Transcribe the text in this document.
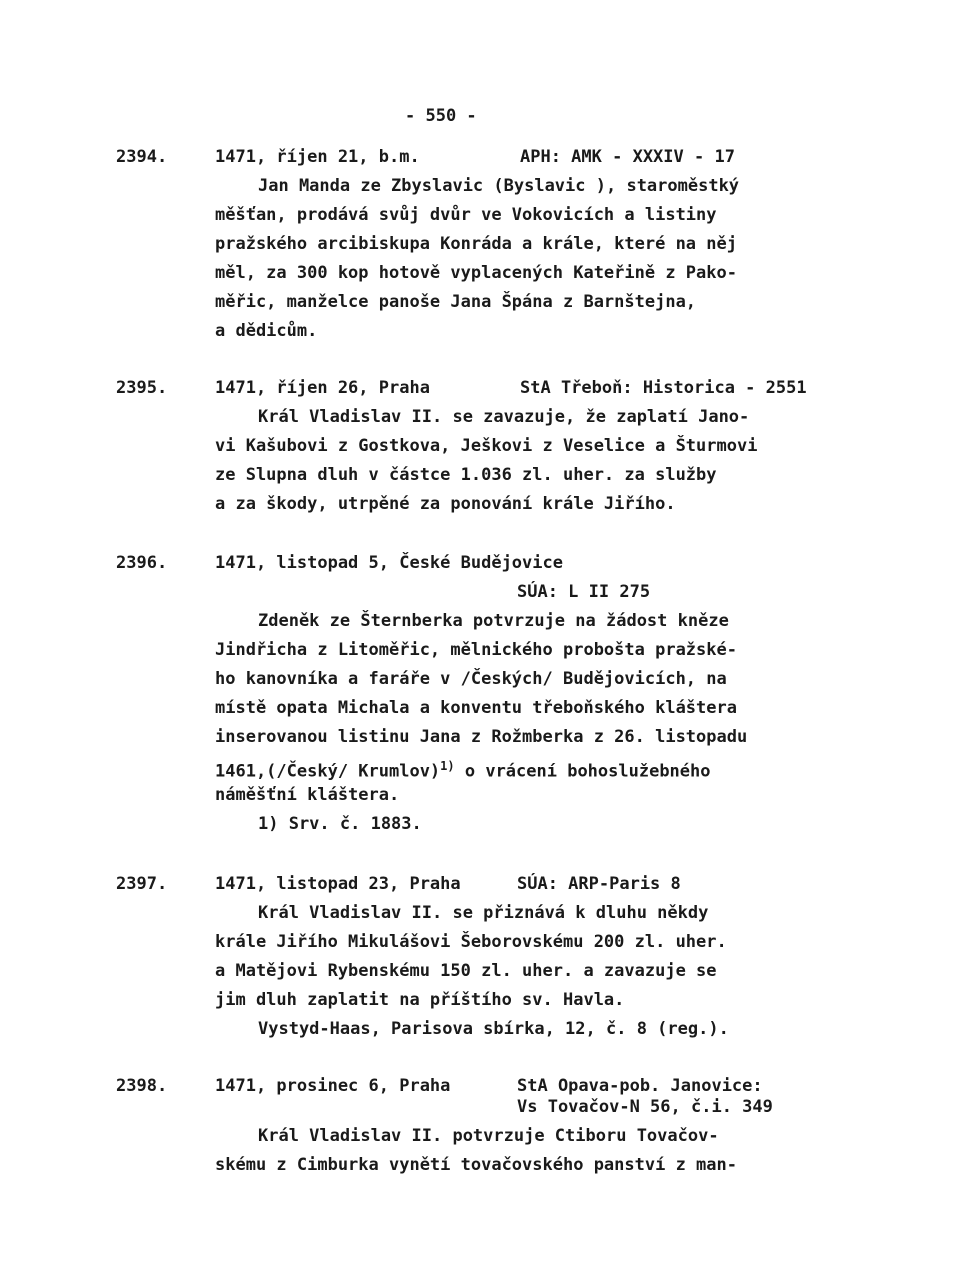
- 550 -
2394.	1471, říjen 21, b.m.	APH: AMK - XXXIV - 17
Jan Manda ze Zbyslavic (Byslavic ), staroměstký
měšťan, prodává svůj dvůr ve Vokovicích a listiny
pražského arcibiskupa Konráda a krále, které na něj
měl, za 300 kop hotově vyplacených Kateřině z Pako-
měřic, manželce panoše Jana Špána z Barnštejna,
a dědicům.
2395.	1471, říjen 26, Praha	StA Třeboň: Historica - 2551
Král Vladislav II. se zavazuje, že zaplatí Jano-
vi Kašubovi z Gostkova, Ješkovi z Veselice a Šturmovi
ze Slupna dluh v částce 1.036 zl. uher. za služby
a za škody, utrpěné za ponování krále Jiřího.
2396.	1471, listopad 5, České Budějovice
SÚA: L II 275
Zdeněk ze Šternberka potvrzuje na žádost kněze
Jindřicha z Litoměřic, mělnického probošta pražské-
ho kanovníka a faráře v /Českých/ Budějovicích, na
místě opata Michala a konventu třeboňského kláštera
inserovanou listinu Jana z Rožmberka z 26. listopadu
1461,(/Český/ Krumlov)$^{1)}$ o vrácení bohoslužebného
náměšťní kláštera.
1) Srv. č. 1883.
2397.	1471, listopad 23, Praha	SÚA: ARP-Paris 8
Král Vladislav II. se přiznává k dluhu někdy
krále Jiřího Mikulášovi Šeborovskému 200 zl. uher.
a Matějovi Rybenskému 150 zl. uher. a zavazuje se
jim dluh zaplatit na příštího sv. Havla.
Vystyd-Haas, Parisova sbírka, 12, č. 8 (reg.).
2398.	1471, prosinec 6, Praha	StA Opava-pob. Janovice:
Vs Tovačov-N 56, č.i. 349
Král Vladislav II. potvrzuje Ctiboru Tovačov-
skému z Cimburka vynětí tovačovského panství z man-
